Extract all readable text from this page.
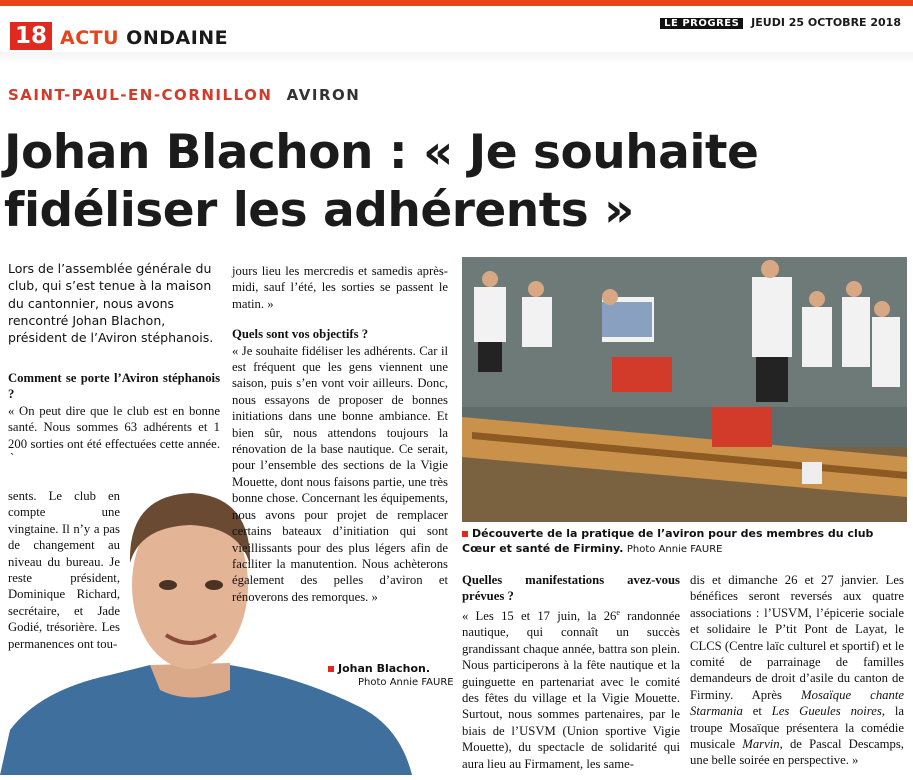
18 ACTU ONDAINE
LE PROGRÈS JEUDI 25 OCTOBRE 2018
SAINT-PAUL-EN-CORNILLON AVIRON
Johan Blachon : « Je souhaite fidéliser les adhérents »
Lors de l’assemblée générale du club, qui s’est tenue à la maison du cantonnier, nous avons rencontré Johan Blachon, président de l’Aviron stéphanois.

Comment se porte l’Aviron stéphanois ?

« On peut dire que le club est en bonne santé. Nous sommes 63 adhérents et 1 200 sorties ont été effectuées cette année.

sents. Le club en compte une vingtaine. Il n’y a pas de changement au niveau du bureau. Je reste président, Dominique Richard, secrétaire, et Jade Godié, trésorière. Les permanences ont tou-

Johan Blachon.
Photo Annie FAURE

jours lieu les mercredis et samedis après-midi, sauf l’été, les sorties se passent le matin. »

Quels sont vos objectifs ?

« Je souhaite fidéliser les adhérents. Car il est fréquent que les gens viennent une saison, puis s’en vont voir ailleurs. Donc, nous essayons de proposer de bonnes initiations dans une bonne ambiance. Et bien sûr, nous attendons toujours la rénovation de la base nautique. Ce serait, pour l’ensemble des sections de la Vigie Mouette, dont nous faisons partie, une très bonne chose. Concernant les équipements, nous avons pour projet de remplacer certains bateaux d’initiation qui sont vieillissants pour des plus légers afin de faciliter la manutention. Nous achèterons également des pelles d’aviron et rénoverons des remorques. »

Découverte de la pratique de l’aviron pour des membres du club Cœur et santé de Firminy. Photo Annie FAURE

Quelles manifestations avez-vous prévues ?

« Les 15 et 17 juin, la 26e randonnée nautique, qui connaît un succès grandissant chaque année, battra son plein. Nous participerons à la fête nautique et la guinguette en partenariat avec le comité des fêtes du village et la Vigie Mouette. Surtout, nous sommes partenaires, par le biais de l’USVM (Union sportive Vigie Mouette), du spectacle de solidarité qui aura lieu au Firmament, les same-

dis et dimanche 26 et 27 janvier. Les bénéfices seront reversés aux quatre associations : l’USVM, l’épicerie sociale et solidaire le P’tit Pont de Layat, le CLCS (Centre laïc culturel et sportif) et le comité de parrainage de familles demandeurs de droit d’asile du canton de Firminy. Après Mosaïque chante Starmania et Les Gueules noires, la troupe Mosaïque présentera la comédie musicale Marvin, de Pascal Descamps, une belle soirée en perspective. »
